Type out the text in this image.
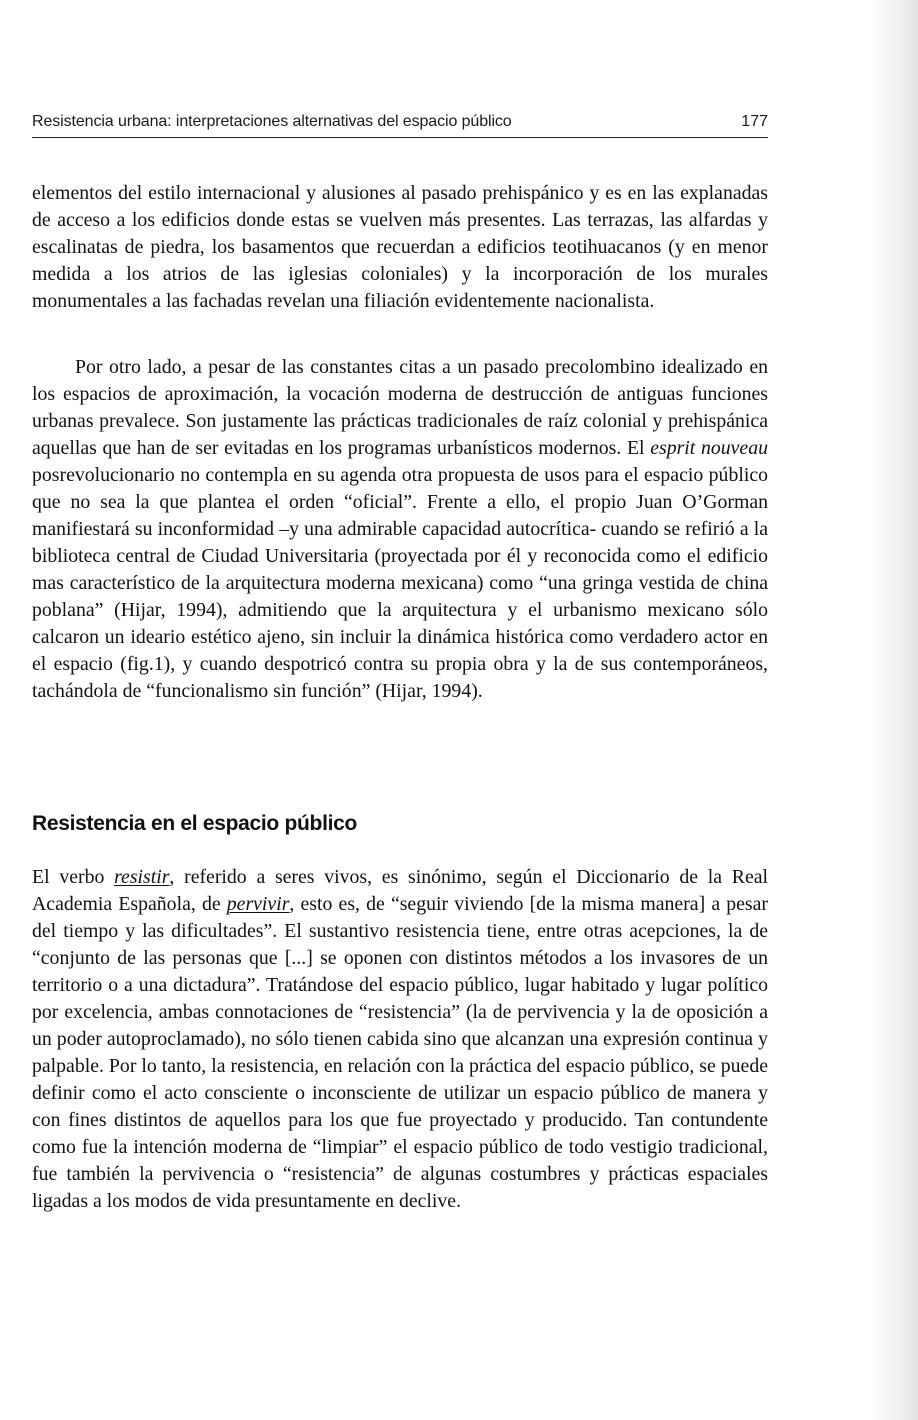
Resistencia urbana: interpretaciones alternativas del espacio público	177

elementos del estilo internacional y alusiones al pasado prehispánico y es en las explanadas de acceso a los edificios donde estas se vuelven más presentes. Las terrazas, las alfardas y escalinatas de piedra, los basamentos que recuerdan a edificios teotihuacanos (y en menor medida a los atrios de las iglesias coloniales) y la incorporación de los murales monumentales a las fachadas revelan una filiación evidentemente nacionalista.

Por otro lado, a pesar de las constantes citas a un pasado precolombino idealizado en los espacios de aproximación, la vocación moderna de destrucción de antiguas funciones urbanas prevalece. Son justamente las prácticas tradicionales de raíz colonial y prehispánica aquellas que han de ser evitadas en los programas urbanísticos modernos. El esprit nouveau posrevolucionario no contempla en su agenda otra propuesta de usos para el espacio público que no sea la que plantea el orden “oficial”. Frente a ello, el propio Juan O’Gorman manifiestará su inconformidad –y una admirable capacidad autocrítica- cuando se refirió a la biblioteca central de Ciudad Universitaria (proyectada por él y reconocida como el edificio mas característico de la arquitectura moderna mexicana) como “una gringa vestida de china poblana” (Hijar, 1994), admitiendo que la arquitectura y el urbanismo mexicano sólo calcaron un ideario estético ajeno, sin incluir la dinámica histórica como verdadero actor en el espacio (fig.1), y cuando despotricó contra su propia obra y la de sus contemporáneos, tachándola de “funcionalismo sin función” (Hijar, 1994).

Resistencia en el espacio público

El verbo resistir, referido a seres vivos, es sinónimo, según el Diccionario de la Real Academia Española, de pervivir, esto es, de “seguir viviendo [de la misma manera] a pesar del tiempo y las dificultades”. El sustantivo resistencia tiene, entre otras acepciones, la de “conjunto de las personas que [...] se oponen con distintos métodos a los invasores de un territorio o a una dictadura”. Tratándose del espacio público, lugar habitado y lugar político por excelencia, ambas connotaciones de “resistencia” (la de pervivencia y la de oposición a un poder autoproclamado), no sólo tienen cabida sino que alcanzan una expresión continua y palpable. Por lo tanto, la resistencia, en relación con la práctica del espacio público, se puede definir como el acto consciente o inconsciente de utilizar un espacio público de manera y con fines distintos de aquellos para los que fue proyectado y producido. Tan contundente como fue la intención moderna de “limpiar” el espacio público de todo vestigio tradicional, fue también la pervivencia o “resistencia” de algunas costumbres y prácticas espaciales ligadas a los modos de vida presuntamente en declive.
